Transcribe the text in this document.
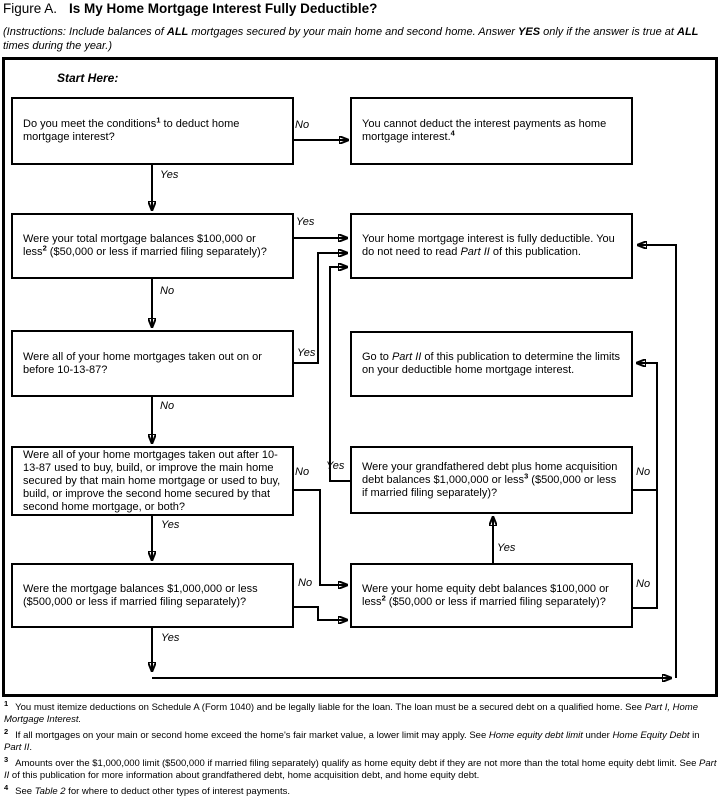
Figure A. Is My Home Mortgage Interest Fully Deductible?
(Instructions: Include balances of ALL mortgages secured by your main home and second home. Answer YES only if the answer is true at ALL times during the year.)
Start Here:
Do you meet the conditions$^1$ to deduct home mortgage interest?
You cannot deduct the interest payments as home mortgage interest.$^4$
Were your total mortgage balances $100,000 or less$^2$ ($50,000 or less if married filing separately)?
Your home mortgage interest is fully deductible. You do not need to read Part II of this publication.
Were all of your home mortgages taken out on or before 10-13-87?
Go to Part II of this publication to determine the limits on your deductible home mortgage interest.
Were all of your home mortgages taken out after 10-13-87 used to buy, build, or improve the main home secured by that main home mortgage or used to buy, build, or improve the second home secured by that second home mortgage, or both?
Were your grandfathered debt plus home acquisition debt balances $1,000,000 or less$^3$ ($500,000 or less if married filing separately)?
Were the mortgage balances $1,000,000 or less ($500,000 or less if married filing separately)?
Were your home equity debt balances $100,000 or less$^2$ ($50,000 or less if married filing separately)?
No
Yes
Yes
No
Yes
No
No Yes	No
Yes
Yes
No	No
Yes
$^1$ You must itemize deductions on Schedule A (Form 1040) and be legally liable for the loan. The loan must be a secured debt on a qualified home. See Part I, Home Mortgage Interest.
$^2$ If all mortgages on your main or second home exceed the home's fair market value, a lower limit may apply. See Home equity debt limit under Home Equity Debt in Part II.
$^3$ Amounts over the $1,000,000 limit ($500,000 if married filing separately) qualify as home equity debt if they are not more than the total home equity debt limit. See Part II of this publication for more information about grandfathered debt, home acquisition debt, and home equity debt.
$^4$ See Table 2 for where to deduct other types of interest payments.
